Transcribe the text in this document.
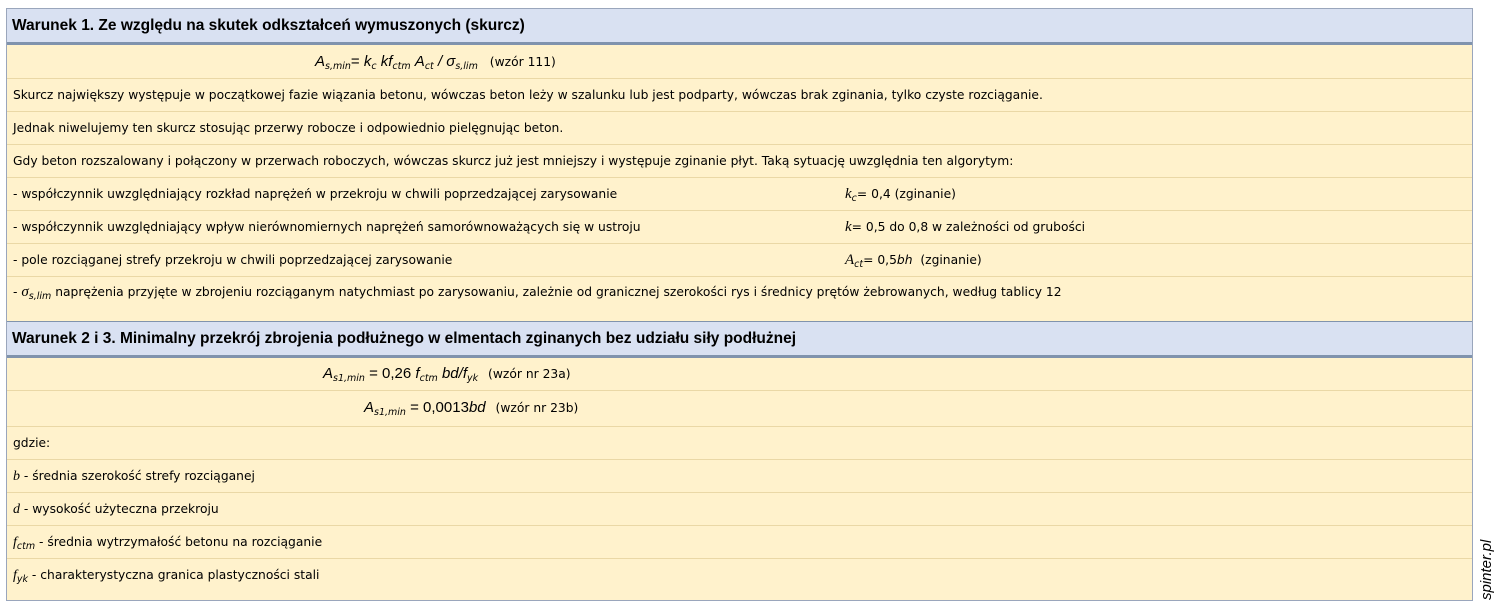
Warunek 1. Ze względu na skutek odkształceń wymuszonych (skurcz)
$A_{s,min}= k_c$ $kf_{ctm}$ $A_{ct} / \sigma_{s,lim}$ (wzór 111)
Skurcz największy występuje w początkowej fazie wiązania betonu, wówczas beton leży w szalunku lub jest podparty, wówczas brak zginania, tylko czyste rozciąganie.
Jednak niwelujemy ten skurcz stosując przerwy robocze i odpowiednio pielęgnując beton.
Gdy beton rozszalowany i połączony w przerwach roboczych, wówczas skurcz już jest mniejszy i występuje zginanie płyt. Taką sytuację uwzględnia ten algorytym:
- współczynnik uwzględniający rozkład naprężeń w przekroju w chwili poprzedzającej zarysowanie	$k_c= 0,4$ (zginanie)
- współczynnik uwzględniający wpływ nierównomiernych naprężeń samorównoważących się w ustroju	k= 0,5 do 0,8 w zależności od grubości
- pole rozciąganej strefy przekroju w chwili poprzedzającej zarysowanie	$A_{ct}= 0,5bh$  (zginanie)
- $\sigma_{s,lim}$ naprężenia przyjęte w zbrojeniu rozciąganym natychmiast po zarysowaniu, zależnie od granicznej szerokości rys i średnicy prętów żebrowanych, według tablicy 12
Warunek 2 i 3. Minimalny przekrój zbrojenia podłużnego w elmentach zginanych bez udziału siły podłużnej
$A_{s1,min} = 0,26$ $f_{ctm}$ $bd/f_{yk}$ (wzór nr 23a)
$A_{s1,min} = 0,0013bd$ (wzór nr 23b)
gdzie:
b - średnia szerokość strefy rozciąganej
d - wysokość użyteczna przekroju
$f_{ctm}$ - średnia wytrzymałość betonu na rozciąganie
$f_{yk}$ - charakterystyczna granica plastyczności stali	spinter.pl
